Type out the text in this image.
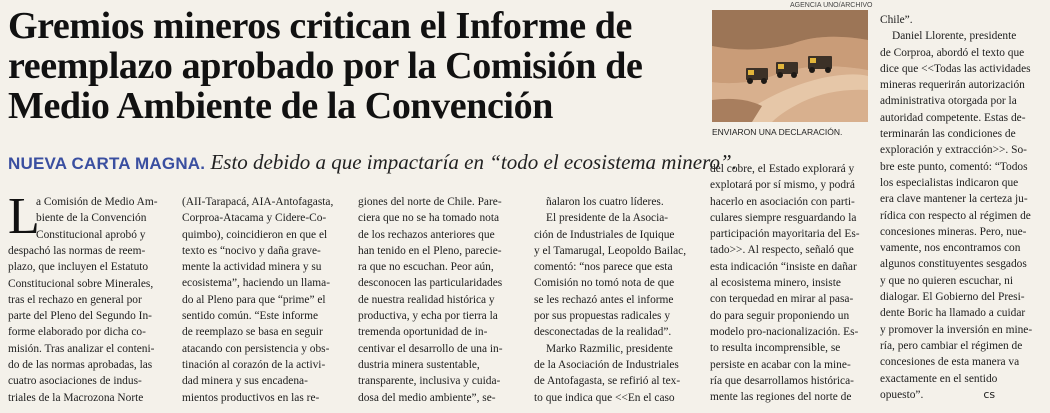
Gremios mineros critican el Informe de
reemplazo aprobado por la Comisión de
Medio Ambiente de la Convención
NUEVA CARTA MAGNA. Esto debido a que impactaría en “todo el ecosistema minero”.
AGENCIA UNO/ARCHIVO
ENVIARON UNA DECLARACIÓN.
L

a Comisión de Medio Am-

biente de la Convención

Constitucional aprobó y

despachó las normas de reem-

plazo, que incluyen el Estatuto

Constitucional sobre Minerales,

tras el rechazo en general por

parte del Pleno del Segundo In-

forme elaborado por dicha co-

misión. Tras analizar el conteni-

do de las normas aprobadas, las

cuatro asociaciones de indus-

triales de la Macrozona Norte

(AII-Tarapacá, AIA-Antofagasta,

Corproa-Atacama y Cidere-Co-

quimbo), coincidieron en que el

texto es “nocivo y daña grave-

mente la actividad minera y su

ecosistema”, haciendo un llama-

do al Pleno para que “prime” el

sentido común. “Este informe

de reemplazo se basa en seguir

atacando con persistencia y obs-

tinación al corazón de la activi-

dad minera y sus encadena-

mientos productivos en las re-

giones del norte de Chile. Pare-

ciera que no se ha tomado nota

de los rechazos anteriores que

han tenido en el Pleno, parecie-

ra que no escuchan. Peor aún,

desconocen las particularidades

de nuestra realidad histórica y

productiva, y echa por tierra la

tremenda oportunidad de in-

centivar el desarrollo de una in-

dustria minera sustentable,

transparente, inclusiva y cuida-

dosa del medio ambiente”, se-

ñalaron los cuatro líderes.

El presidente de la Asocia-

ción de Industriales de Iquique

y el Tamarugal, Leopoldo Bailac,

comentó: “nos parece que esta

Comisión no tomó nota de que

se les rechazó antes el informe

por sus propuestas radicales y

desconectadas de la realidad”.

Marko Razmilic, presidente

de la Asociación de Industriales

de Antofagasta, se refirió al tex-

to que indica que <<En el caso

del cobre, el Estado explorará y

explotará por sí mismo, y podrá

hacerlo en asociación con parti-

culares siempre resguardando la

participación mayoritaria del Es-

tado>>. Al respecto, señaló que

esta indicación “insiste en dañar

al ecosistema minero, insiste

con terquedad en mirar al pasa-

do para seguir proponiendo un

modelo pro-nacionalización. Es-

to resulta incomprensible, se

persiste en acabar con la mine-

ría que desarrollamos histórica-

mente las regiones del norte de

Chile”.

Daniel Llorente, presidente

de Corproa, abordó el texto que

dice que <<Todas las actividades

mineras requerirán autorización

administrativa otorgada por la

autoridad competente. Estas de-

terminarán las condiciones de

exploración y extracción>>. So-

bre este punto, comentó: “Todos

los especialistas indicaron que

era clave mantener la certeza ju-

rídica con respecto al régimen de

concesiones mineras. Pero, nue-

vamente, nos encontramos con

algunos constituyentes sesgados

y que no quieren escuchar, ni

dialogar. El Gobierno del Presi-

dente Boric ha llamado a cuidar

y promover la inversión en mine-

ría, pero cambiar el régimen de

concesiones de esta manera va

exactamente en el sentido

opuesto”.	cs
